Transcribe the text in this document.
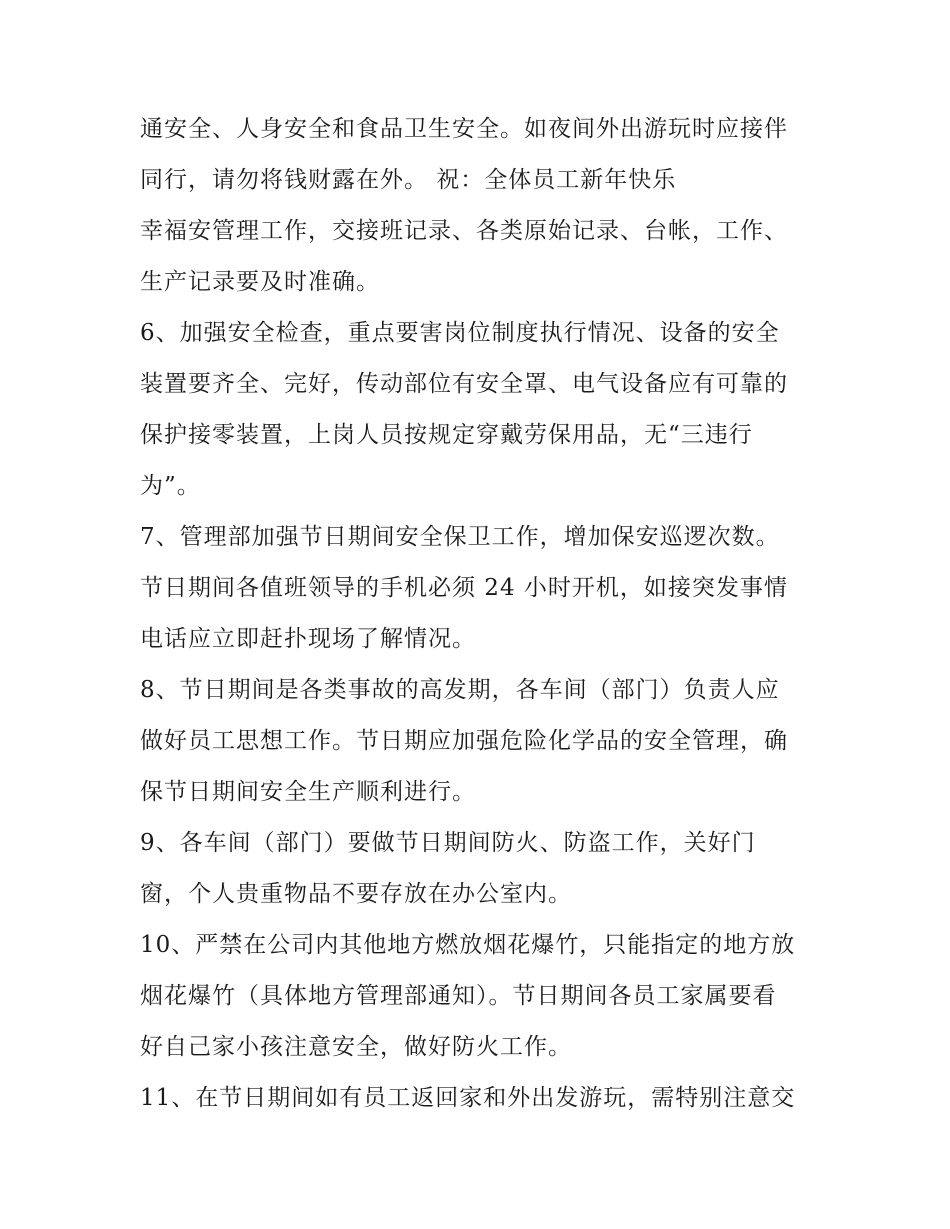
通安全、人身安全和食品卫生安全。如夜间外出游玩时应接伴
同行，请勿将钱财露在外。 祝：全体员工新年快乐
幸福安管理工作，交接班记录、各类原始记录、台帐，工作、
生产记录要及时准确。
6、加强安全检查，重点要害岗位制度执行情况、设备的安全
装置要齐全、完好，传动部位有安全罩、电气设备应有可靠的
保护接零装置，上岗人员按规定穿戴劳保用品，无“三违行
为”。
7、管理部加强节日期间安全保卫工作，增加保安巡逻次数。
节日期间各值班领导的手机必须 24 小时开机，如接突发事情
电话应立即赶扑现场了解情况。
8、节日期间是各类事故的高发期，各车间（部门）负责人应
做好员工思想工作。节日期应加强危险化学品的安全管理，确
保节日期间安全生产顺利进行。
9、各车间（部门）要做节日期间防火、防盗工作，关好门
窗，个人贵重物品不要存放在办公室内。
10、严禁在公司内其他地方燃放烟花爆竹，只能指定的地方放
烟花爆竹（具体地方管理部通知）。节日期间各员工家属要看
好自己家小孩注意安全，做好防火工作。
11、在节日期间如有员工返回家和外出发游玩，需特别注意交
